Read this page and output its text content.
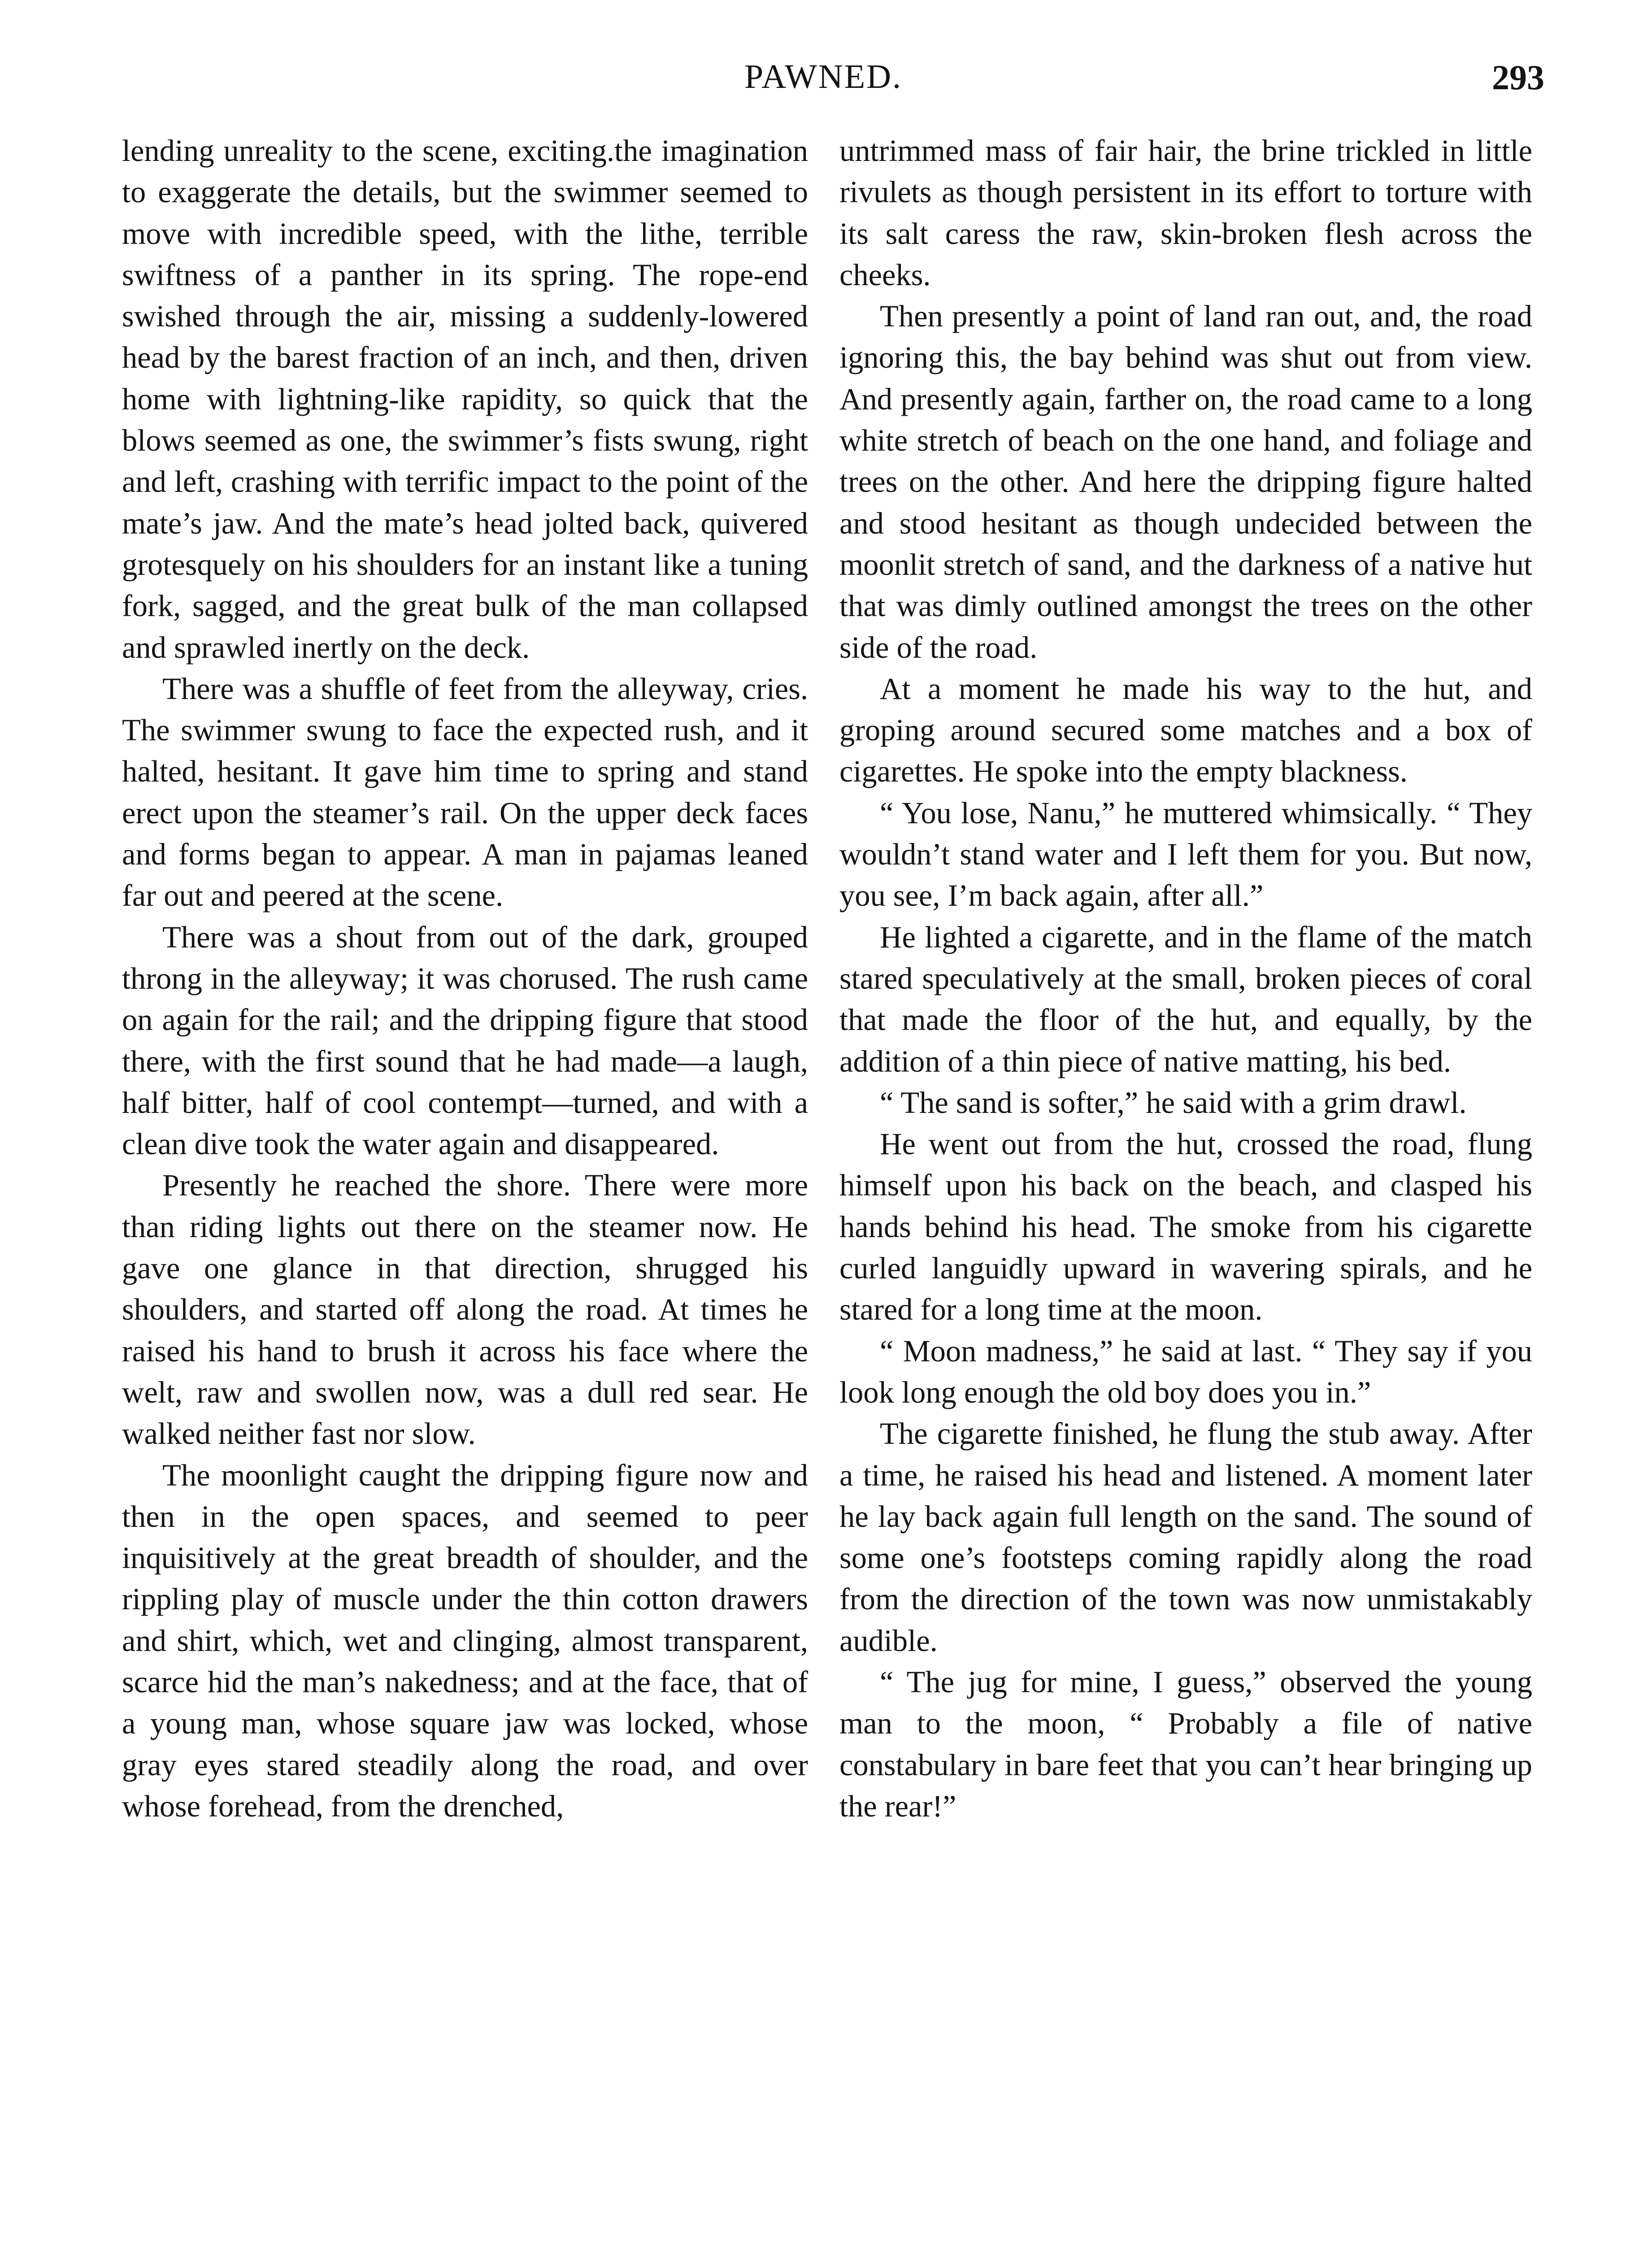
PAWNED.	293

lending unreality to the scene, exciting.the imagination to exaggerate the details, but the swimmer seemed to move with incredible speed, with the lithe, terrible swiftness of a panther in its spring. The rope-end swished through the air, missing a suddenly-lowered head by the barest fraction of an inch, and then, driven home with lightning-like rapidity, so quick that the blows seemed as one, the swimmer’s fists swung, right and left, crashing with terrific impact to the point of the mate’s jaw. And the mate’s head jolted back, quivered grotesquely on his shoulders for an instant like a tuning fork, sagged, and the great bulk of the man collapsed and sprawled inertly on the deck.

There was a shuffle of feet from the alleyway, cries. The swimmer swung to face the expected rush, and it halted, hesitant. It gave him time to spring and stand erect upon the steamer’s rail. On the upper deck faces and forms began to appear. A man in pajamas leaned far out and peered at the scene.

There was a shout from out of the dark, grouped throng in the alleyway; it was chorused. The rush came on again for the rail; and the dripping figure that stood there, with the first sound that he had made—a laugh, half bitter, half of cool contempt—turned, and with a clean dive took the water again and disappeared.

Presently he reached the shore. There were more than riding lights out there on the steamer now. He gave one glance in that direction, shrugged his shoulders, and started off along the road. At times he raised his hand to brush it across his face where the welt, raw and swollen now, was a dull red sear. He walked neither fast nor slow.

The moonlight caught the dripping figure now and then in the open spaces, and seemed to peer inquisitively at the great breadth of shoulder, and the rippling play of muscle under the thin cotton drawers and shirt, which, wet and clinging, almost transparent, scarce hid the man’s nakedness; and at the face, that of a young man, whose square jaw was locked, whose gray eyes stared steadily along the road, and over whose forehead, from the drenched,

untrimmed mass of fair hair, the brine trickled in little rivulets as though persistent in its effort to torture with its salt caress the raw, skin-broken flesh across the cheeks.

Then presently a point of land ran out, and, the road ignoring this, the bay behind was shut out from view. And presently again, farther on, the road came to a long white stretch of beach on the one hand, and foliage and trees on the other. And here the dripping figure halted and stood hesitant as though undecided between the moonlit stretch of sand, and the darkness of a native hut that was dimly outlined amongst the trees on the other side of the road.

At a moment he made his way to the hut, and groping around secured some matches and a box of cigarettes. He spoke into the empty blackness.

“ You lose, Nanu,” he muttered whimsically. “ They wouldn’t stand water and I left them for you. But now, you see, I’m back again, after all.”

He lighted a cigarette, and in the flame of the match stared speculatively at the small, broken pieces of coral that made the floor of the hut, and equally, by the addition of a thin piece of native matting, his bed.

“ The sand is softer,” he said with a grim drawl.

He went out from the hut, crossed the road, flung himself upon his back on the beach, and clasped his hands behind his head. The smoke from his cigarette curled languidly upward in wavering spirals, and he stared for a long time at the moon.

“ Moon madness,” he said at last. “ They say if you look long enough the old boy does you in.”

The cigarette finished, he flung the stub away. After a time, he raised his head and listened. A moment later he lay back again full length on the sand. The sound of some one’s footsteps coming rapidly along the road from the direction of the town was now unmistakably audible.

“ The jug for mine, I guess,” observed the young man to the moon, “ Probably a file of native constabulary in bare feet that you can’t hear bringing up the rear!”
